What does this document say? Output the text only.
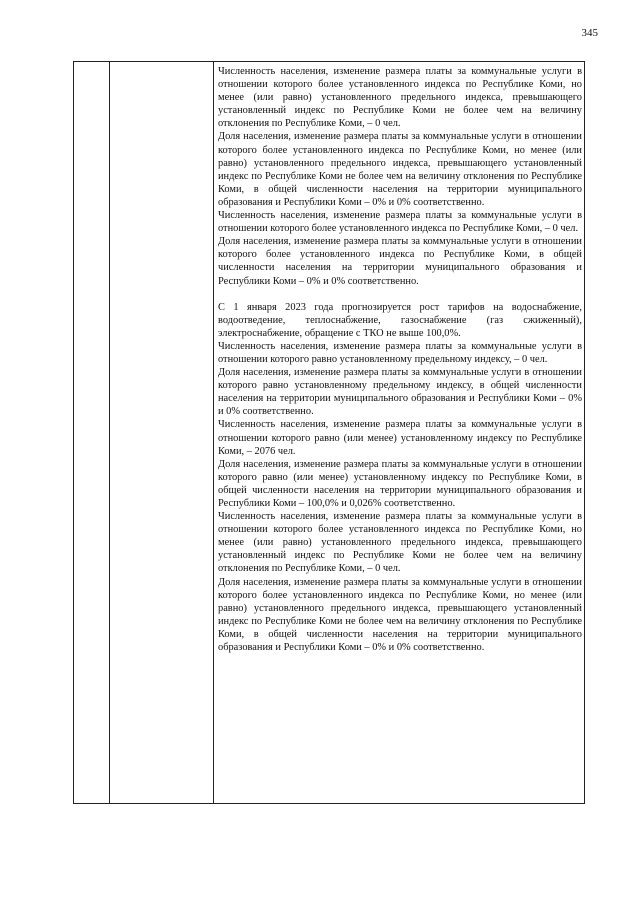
345

Численность населения, изменение размера платы за коммунальные услуги в отношении которого более установленного индекса по Республике Коми, но менее (или равно) установленного предельного индекса, превышающего установленный индекс по Республике Коми не более чем на величину отклонения по Республике Коми, – 0 чел.

Доля населения, изменение размера платы за коммунальные услуги в отношении которого более установленного индекса по Республике Коми, но менее (или равно) установленного предельного индекса, превышающего установленный индекс по Республике Коми не более чем на величину отклонения по Республике Коми, в общей численности населения на территории муниципального образования и Республики Коми – 0% и 0% соответственно.

Численность населения, изменение размера платы за коммунальные услуги в отношении которого более установленного индекса по Республике Коми, – 0 чел.

Доля населения, изменение размера платы за коммунальные услуги в отношении которого более установленного индекса по Республике Коми, в общей численности населения на территории муниципального образования и Республики Коми – 0% и 0% соответственно.

С 1 января 2023 года прогнозируется рост тарифов на водоснабжение, водоотведение, теплоснабжение, газоснабжение (газ сжиженный), электроснабжение, обращение с ТКО не выше 100,0%.

Численность населения, изменение размера платы за коммунальные услуги в отношении которого равно установленному предельному индексу, – 0 чел.

Доля населения, изменение размера платы за коммунальные услуги в отношении которого равно установленному предельному индексу, в общей численности населения на территории муниципального образования и Республики Коми – 0% и 0% соответственно.

Численность населения, изменение размера платы за коммунальные услуги в отношении которого равно (или менее) установленному индексу по Республике Коми, – 2076 чел.

Доля населения, изменение размера платы за коммунальные услуги в отношении которого равно (или менее) установленному индексу по Республике Коми, в общей численности населения на территории муниципального образования и Республики Коми – 100,0% и 0,026% соответственно.

Численность населения, изменение размера платы за коммунальные услуги в отношении которого более установленного индекса по Республике Коми, но менее (или равно) установленного предельного индекса, превышающего установленный индекс по Республике Коми не более чем на величину отклонения по Республике Коми, – 0 чел.

Доля населения, изменение размера платы за коммунальные услуги в отношении которого более установленного индекса по Республике Коми, но менее (или равно) установленного предельного индекса, превышающего установленный индекс по Республике Коми не более чем на величину отклонения по Республике Коми, в общей численности населения на территории муниципального образования и Республики Коми – 0% и 0% соответственно.
